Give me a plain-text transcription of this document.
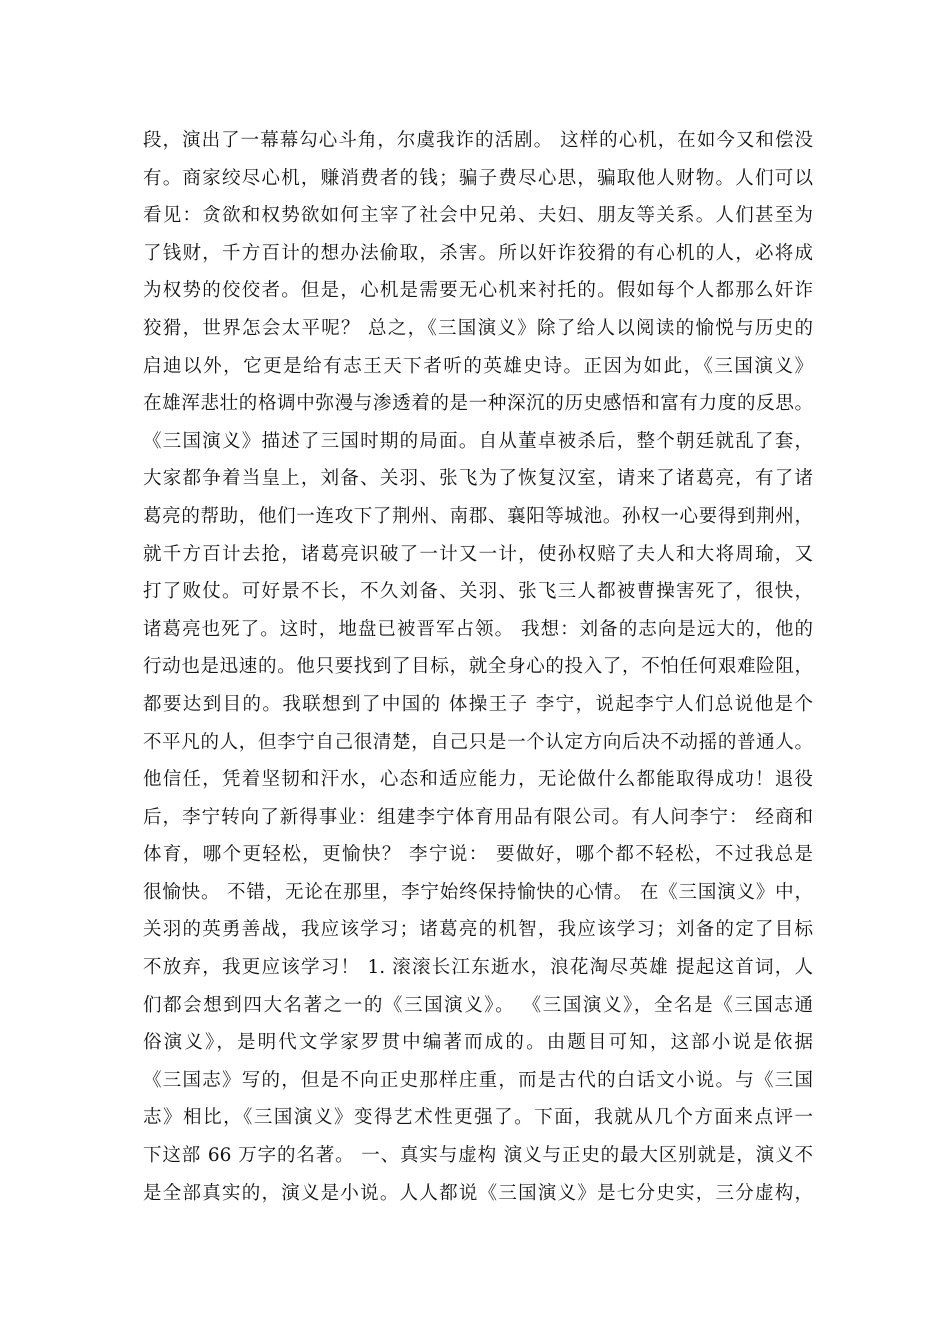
段，演出了一幕幕勾心斗角，尔虞我诈的活剧。 这样的心机，在如今又和偿没
有。商家绞尽心机，赚消费者的钱；骗子费尽心思，骗取他人财物。人们可以
看见：贪欲和权势欲如何主宰了社会中兄弟、夫妇、朋友等关系。人们甚至为
了钱财，千方百计的想办法偷取，杀害。所以奸诈狡猾的有心机的人，必将成
为权势的佼佼者。但是，心机是需要无心机来衬托的。假如每个人都那么奸诈
狡猾，世界怎会太平呢？ 总之，《三国演义》除了给人以阅读的愉悦与历史的
启迪以外，它更是给有志王天下者听的英雄史诗。正因为如此，《三国演义》
在雄浑悲壮的格调中弥漫与渗透着的是一种深沉的历史感悟和富有力度的反思。
《三国演义》描述了三国时期的局面。自从董卓被杀后，整个朝廷就乱了套，
大家都争着当皇上，刘备、关羽、张飞为了恢复汉室，请来了诸葛亮，有了诸
葛亮的帮助，他们一连攻下了荆州、南郡、襄阳等城池。孙权一心要得到荆州，
就千方百计去抢，诸葛亮识破了一计又一计，使孙权赔了夫人和大将周瑜，又
打了败仗。可好景不长，不久刘备、关羽、张飞三人都被曹操害死了，很快，
诸葛亮也死了。这时，地盘已被晋军占领。 我想：刘备的志向是远大的，他的
行动也是迅速的。他只要找到了目标，就全身心的投入了，不怕任何艰难险阻，
都要达到目的。我联想到了中国的 体操王子 李宁，说起李宁人们总说他是个
不平凡的人，但李宁自己很清楚，自己只是一个认定方向后决不动摇的普通人。
他信任，凭着坚韧和汗水，心态和适应能力，无论做什么都能取得成功！退役
后，李宁转向了新得事业：组建李宁体育用品有限公司。有人问李宁： 经商和
体育，哪个更轻松，更愉快？ 李宁说： 要做好，哪个都不轻松，不过我总是
很愉快。 不错，无论在那里，李宁始终保持愉快的心情。 在《三国演义》中，
关羽的英勇善战，我应该学习；诸葛亮的机智，我应该学习；刘备的定了目标
不放弃，我更应该学习！ 1. 滚滚长江东逝水，浪花淘尽英雄 提起这首词，人
们都会想到四大名著之一的《三国演义》。 《三国演义》，全名是《三国志通
俗演义》，是明代文学家罗贯中编著而成的。由题目可知，这部小说是依据
《三国志》写的，但是不向正史那样庄重，而是古代的白话文小说。与《三国
志》相比，《三国演义》变得艺术性更强了。下面，我就从几个方面来点评一
下这部 66 万字的名著。 一、真实与虚构 演义与正史的最大区别就是，演义不
是全部真实的，演义是小说。人人都说《三国演义》是七分史实，三分虚构，
